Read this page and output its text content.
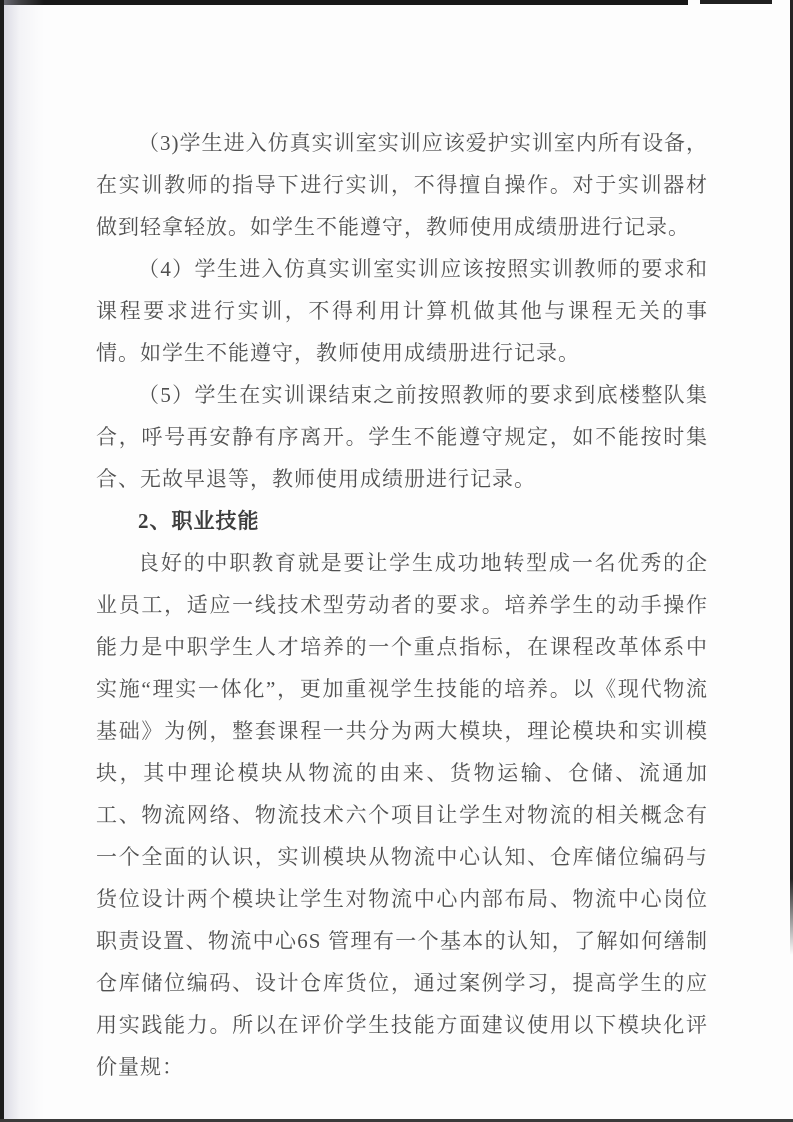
（3)学生进入仿真实训室实训应该爱护实训室内所有设备，在实训教师的指导下进行实训，不得擅自操作。对于实训器材做到轻拿轻放。如学生不能遵守，教师使用成绩册进行记录。

（4）学生进入仿真实训室实训应该按照实训教师的要求和课程要求进行实训，不得利用计算机做其他与课程无关的事情。如学生不能遵守，教师使用成绩册进行记录。

（5）学生在实训课结束之前按照教师的要求到底楼整队集合，呼号再安静有序离开。学生不能遵守规定，如不能按时集合、无故早退等，教师使用成绩册进行记录。

2、职业技能

良好的中职教育就是要让学生成功地转型成一名优秀的企业员工，适应一线技术型劳动者的要求。培养学生的动手操作能力是中职学生人才培养的一个重点指标，在课程改革体系中实施“理实一体化”，更加重视学生技能的培养。以《现代物流基础》为例，整套课程一共分为两大模块，理论模块和实训模块，其中理论模块从物流的由来、货物运输、仓储、流通加工、物流网络、物流技术六个项目让学生对物流的相关概念有一个全面的认识，实训模块从物流中心认知、仓库储位编码与货位设计两个模块让学生对物流中心内部布局、物流中心岗位职责设置、物流中心6S 管理有一个基本的认知，了解如何缮制仓库储位编码、设计仓库货位，通过案例学习，提高学生的应用实践能力。所以在评价学生技能方面建议使用以下模块化评价量规：
